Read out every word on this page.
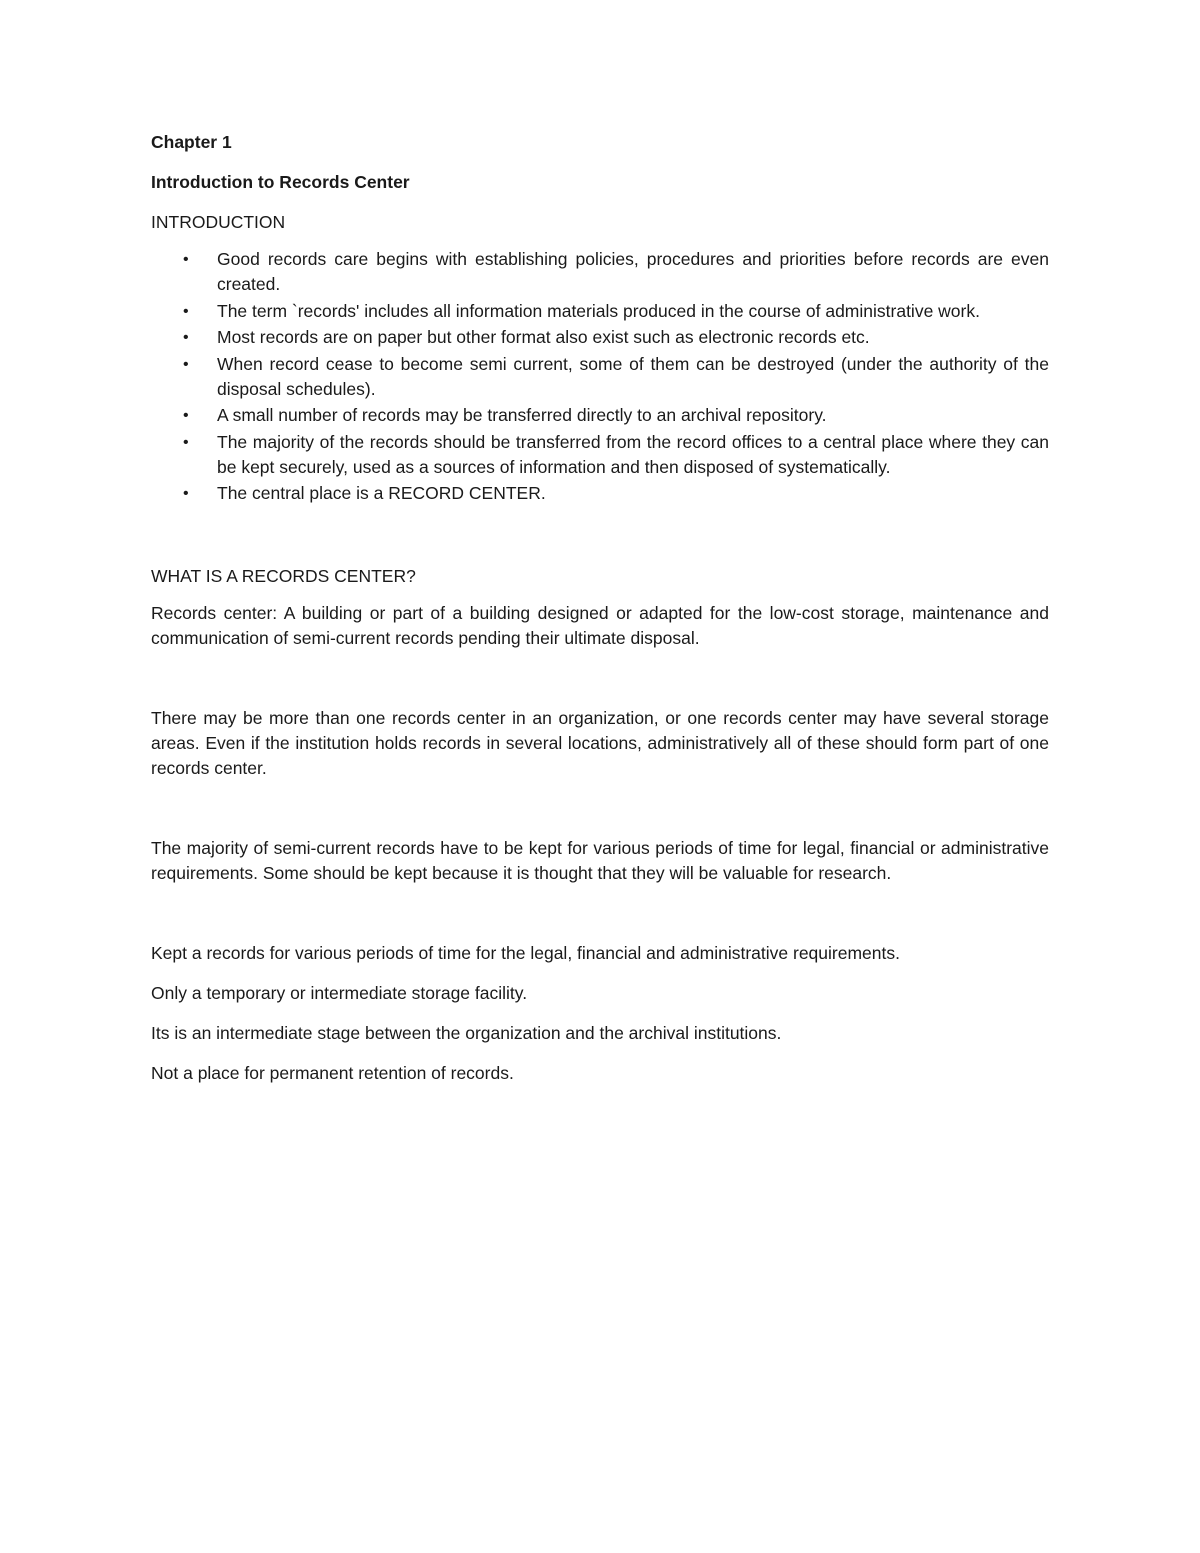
Chapter 1
Introduction to Records Center
INTRODUCTION
• Good records care begins with establishing policies, procedures and priorities before records are even created.
• The term `records' includes all information materials produced in the course of administrative work.
• Most records are on paper but other format also exist such as electronic records etc.
• When record cease to become semi current, some of them can be destroyed (under the authority of the disposal schedules).
• A small number of records may be transferred directly to an archival repository.
• The majority of the records should be transferred from the record offices to a central place where they can be kept securely, used as a sources of information and then disposed of systematically.
• The central place is a RECORD CENTER.
WHAT IS A RECORDS CENTER?
Records center: A building or part of a building designed or adapted for the low-cost storage, maintenance and communication of semi-current records pending their ultimate disposal.
There may be more than one records center in an organization, or one records center may have several storage areas. Even if the institution holds records in several locations, administratively all of these should form part of one records center.
The majority of semi-current records have to be kept for various periods of time for legal, financial or administrative requirements. Some should be kept because it is thought that they will be valuable for research.
Kept a records for various periods of time for the legal, financial and administrative requirements.
Only a temporary or intermediate storage facility.
Its is an intermediate stage between the organization and the archival institutions.
Not a place for permanent retention of records.
